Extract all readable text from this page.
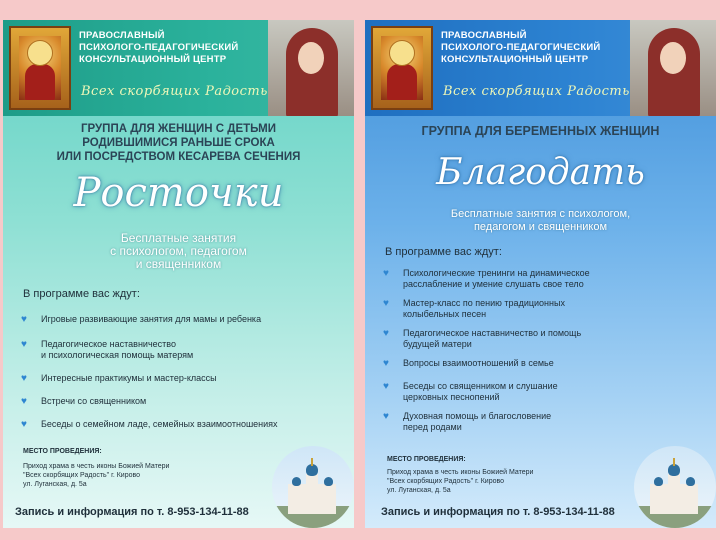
ПРАВОСЛАВНЫЙ
ПСИХОЛОГО-ПЕДАГОГИЧЕСКИЙ
КОНСУЛЬТАЦИОННЫЙ ЦЕНТР
Всех скорбящих Радость
ГРУППА ДЛЯ ЖЕНЩИН С ДЕТЬМИ
РОДИВШИМИСЯ РАНЬШЕ СРОКА
ИЛИ ПОСРЕДСТВОМ КЕСАРЕВА СЕЧЕНИЯ
Росточки
Бесплатные занятия
с психологом, педагогом
и священником
В программе вас ждут:
♥ Игровые развивающие занятия для мамы и ребенка
♥ Педагогическое наставничество
и психологическая помощь матерям
♥ Интересные практикумы и мастер-классы
♥ Встречи со священником
♥ Беседы о семейном ладе, семейных взаимоотношениях
МЕСТО ПРОВЕДЕНИЯ:
Приход храма в честь иконы Божией Матери
"Всех скорбящих Радость" г. Кирово
ул. Луганская, д. 5а
Запись и информация по т. 8-953-134-11-88
ПРАВОСЛАВНЫЙ
ПСИХОЛОГО-ПЕДАГОГИЧЕСКИЙ
КОНСУЛЬТАЦИОННЫЙ ЦЕНТР
Всех скорбящих Радость
ГРУППА ДЛЯ БЕРЕМЕННЫХ ЖЕНЩИН
Благодать
Бесплатные занятия с психологом,
педагогом и священником
В программе вас ждут:
♥ Психологические тренинги на динамическое
расслабление и умение слушать свое тело
♥ Мастер-класс по пению традиционных
колыбельных песен
♥ Педагогическое наставничество и помощь
будущей матери
♥ Вопросы взаимоотношений в семье
♥ Беседы со священником и слушание
церковных песнопений
♥ Духовная помощь и благословение
перед родами
МЕСТО ПРОВЕДЕНИЯ:
Приход храма в честь иконы Божией Матери
"Всех скорбящих Радость" г. Кирово
ул. Луганская, д. 5а
Запись и информация по т. 8-953-134-11-88
